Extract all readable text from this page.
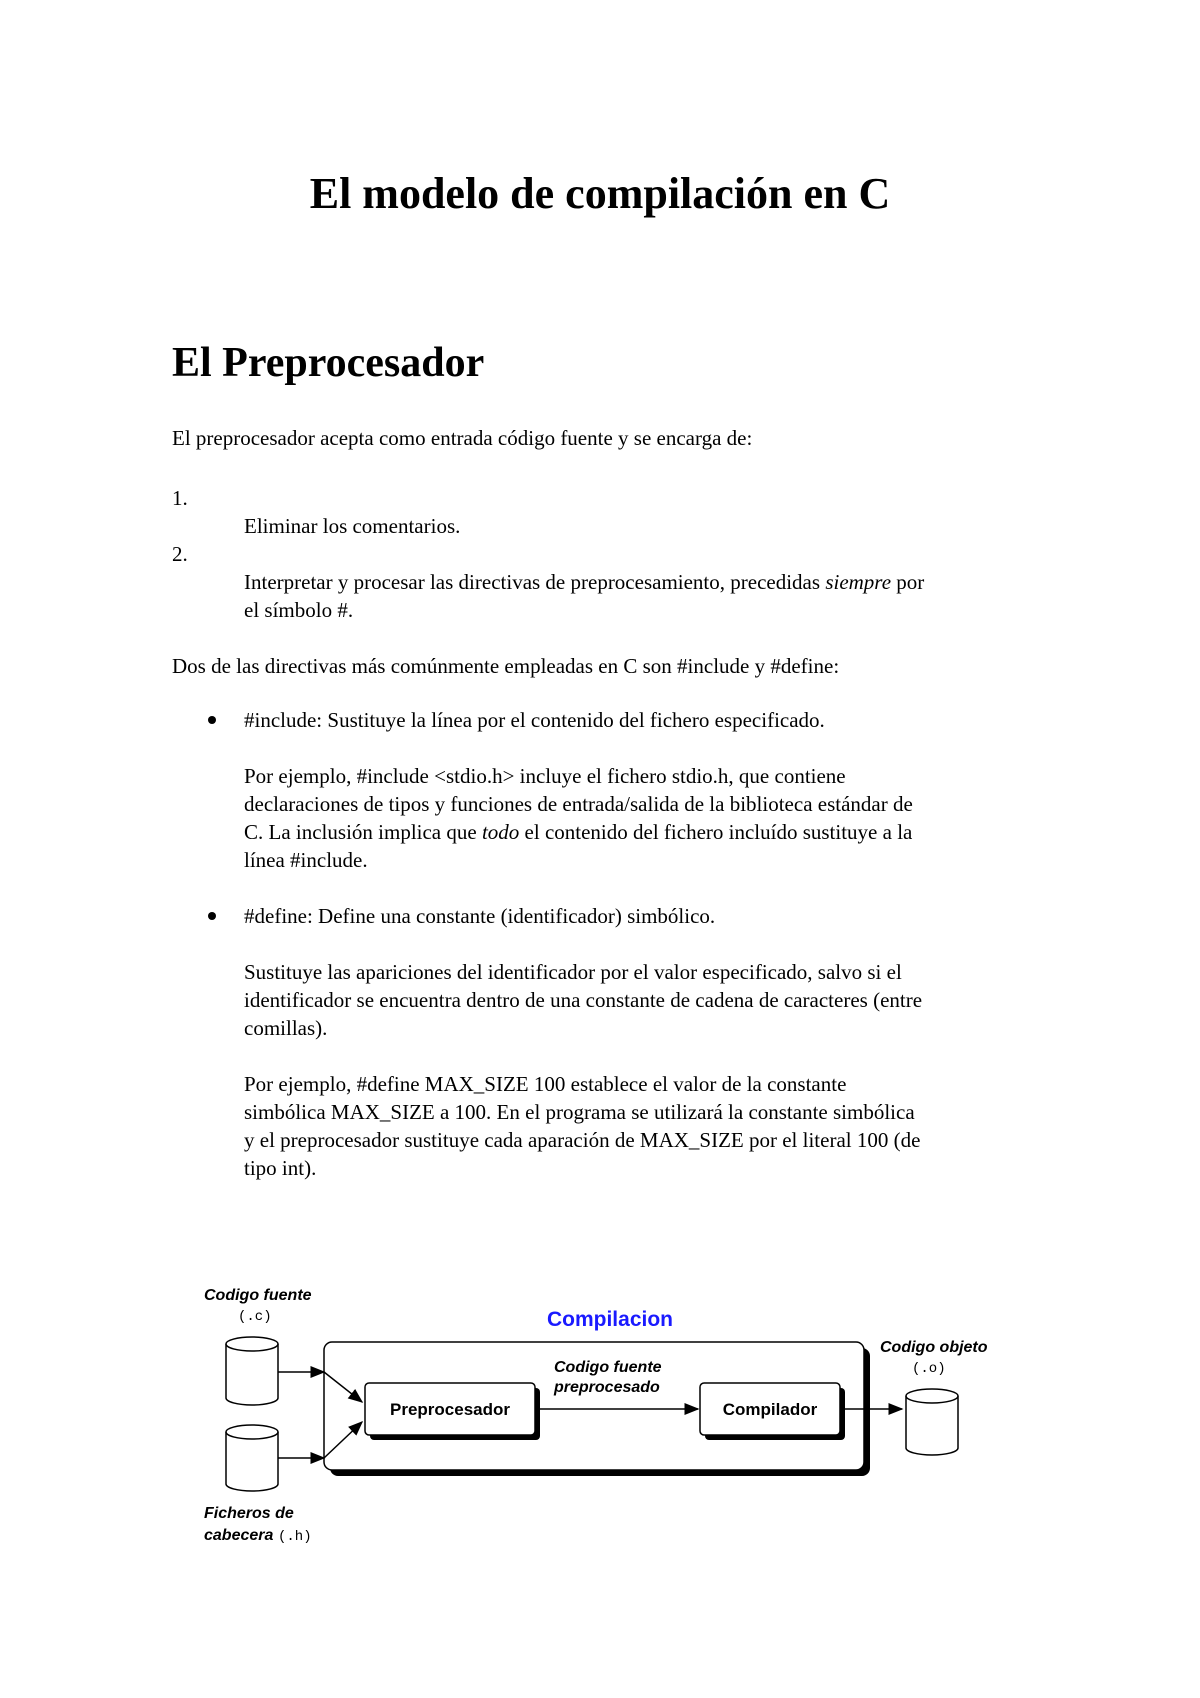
El modelo de compilación en C
El Preprocesador

El preprocesador acepta como entrada código fuente y se encarga de:

1.
Eliminar los comentarios.
2.
Interpretar y procesar las directivas de preprocesamiento, precedidas siempre por
el símbolo #.

Dos de las directivas más comúnmente empleadas en C son #include y #define:

#include: Sustituye la línea por el contenido del fichero especificado.
Por ejemplo, #include <stdio.h> incluye el fichero stdio.h, que contiene
declaraciones de tipos y funciones de entrada/salida de la biblioteca estándar de
C. La inclusión implica que todo el contenido del fichero incluído sustituye a la
línea #include.
#define: Define una constante (identificador) simbólico.
Sustituye las apariciones del identificador por el valor especificado, salvo si el
identificador se encuentra dentro de una constante de cadena de caracteres (entre
comillas).
Por ejemplo, #define MAX_SIZE 100 establece el valor de la constante
simbólica MAX_SIZE a 100. En el programa se utilizará la constante simbólica
y el preprocesador sustituye cada aparación de MAX_SIZE por el literal 100 (de
tipo int).
Compilacion
Codigo fuente
(.c)
Ficheros de
cabecera (.h)
Preprocesador
Codigo fuente
preprocesado
Compilador
Codigo objeto
(.o)
